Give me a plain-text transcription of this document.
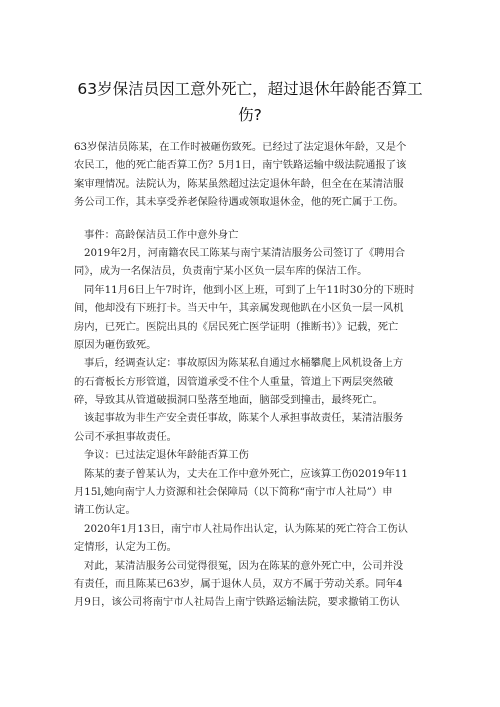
63岁保洁员因工意外死亡，超过退休年龄能否算工
伤?
63岁保洁员陈某，在工作时被砸伤致死。已经过了法定退休年龄，又是个
农民工，他的死亡能否算工伤？5月1日，南宁铁路运输中级法院通报了该
案审理情况。法院认为，陈某虽然超过法定退休年龄，但全在在某清洁服
务公司工作，其未享受养老保险待遇或领取退休金，他的死亡属于工伤。
事件：高龄保洁员工作中意外身亡
2019年2月，河南籍农民工陈某与南宁某清洁服务公司签订了《聘用合
同》，成为一名保洁员，负责南宁某小区负一层车库的保洁工作。
同年11月6日上午7时许，他到小区上班，可到了上午11时30分的下班时
间，他却没有下班打卡。当天中午，其亲属发现他趴在小区负一层一风机
房内，已死亡。医院出具的《居民死亡医学证明（推断书）》记载，死亡
原因为砸伤致死。
事后，经调查认定：事故原因为陈某私自通过水桶攀爬上风机设备上方
的石膏板长方形管道，因管道承受不住个人重量，管道上下两层突然破
碎，导致其从管道破损洞口坠落至地面，脑部受到撞击，最终死亡。
该起事故为非生产安全责任事故，陈某个人承担事故责任，某清洁服务
公司不承担事故责任。
争议：已过法定退休年龄能否算工伤
陈某的妻子曾某认为，丈夫在工作中意外死亡，应该算工伤02019年11
月15l,她向南宁人力资源和社会保障局（以下简称“南宁市人社局”）申
请工伤认定。
2020年1月13日，南宁市人社局作出认定，认为陈某的死亡符合工伤认
定情形，认定为工伤。
对此，某清洁服务公司觉得很冤，因为在陈某的意外死亡中，公司并没
有责任，而且陈某已63岁，属于退休人员，双方不属于劳动关系。同年4
月9日，该公司将南宁市人社局告上南宁铁路运输法院，要求撤销工伤认
